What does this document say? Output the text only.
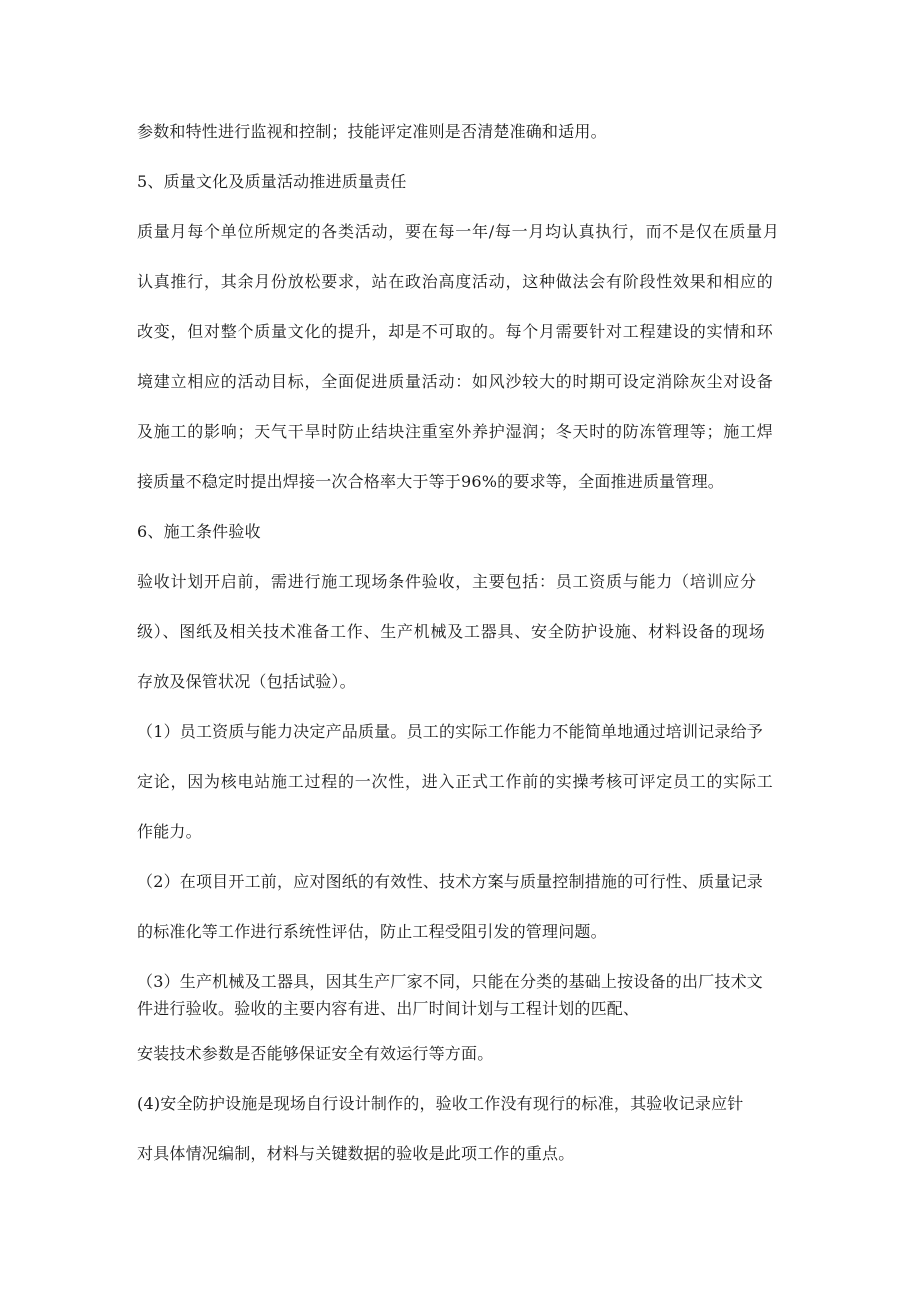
参数和特性进行监视和控制；技能评定准则是否清楚准确和适用。

5、质量文化及质量活动推进质量责任

质量月每个单位所规定的各类活动，要在每一年/每一月均认真执行，而不是仅在质量月

认真推行，其余月份放松要求，站在政治高度活动，这种做法会有阶段性效果和相应的

改变，但对整个质量文化的提升，却是不可取的。每个月需要针对工程建设的实情和环

境建立相应的活动目标，全面促进质量活动：如风沙较大的时期可设定消除灰尘对设备

及施工的影响；天气干旱时防止结块注重室外养护湿润；冬天时的防冻管理等；施工焊

接质量不稳定时提出焊接一次合格率大于等于96%的要求等，全面推进质量管理。

6、施工条件验收

验收计划开启前，需进行施工现场条件验收，主要包括：员工资质与能力（培训应分

级）、图纸及相关技术准备工作、生产机械及工器具、安全防护设施、材料设备的现场

存放及保管状况（包括试验）。

（1）员工资质与能力决定产品质量。员工的实际工作能力不能简单地通过培训记录给予

定论，因为核电站施工过程的一次性，进入正式工作前的实操考核可评定员工的实际工

作能力。

（2）在项目开工前，应对图纸的有效性、技术方案与质量控制措施的可行性、质量记录

的标准化等工作进行系统性评估，防止工程受阻引发的管理问题。

（3）生产机械及工器具，因其生产厂家不同，只能在分类的基础上按设备的出厂技术文

件进行验收。验收的主要内容有进、出厂时间计划与工程计划的匹配、

安装技术参数是否能够保证安全有效运行等方面。

(4)安全防护设施是现场自行设计制作的，验收工作没有现行的标准，其验收记录应针

对具体情况编制，材料与关键数据的验收是此项工作的重点。
